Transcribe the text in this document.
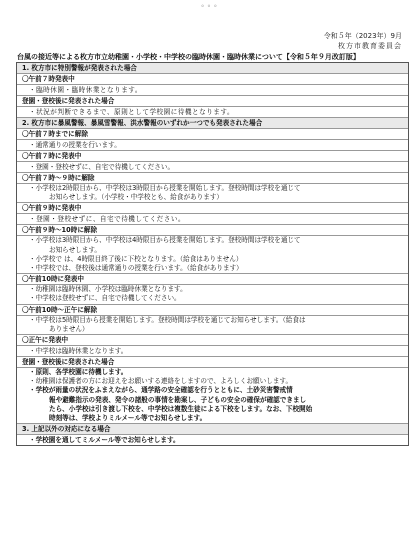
∘∘∘
令和５年（2023年）9月
枚方市教育委員会
台風の接近等による枚方市立幼稚園・小学校・中学校の臨時休園・臨時休業について【令和５年９月改訂版】
1. 枚方市に特別警報が発表された場合
〇午前７時発表中
・臨時休園・臨時休業となります。
登園・登校後に発表された場合
・状況が判断できるまで、原則として学校園に待機となります。
2. 枚方市に暴風警報、暴風雪警報、洪水警報のいずれか一つでも発表された場合
〇午前７時までに解除
・通常通りの授業を行います。
〇午前７時に発表中
・登園・登校せずに、自宅で待機してください。
〇午前７時～９時に解除
・小学校は2時限目から、中学校は3時限目から授業を開始します。登校時間は学校を通じて
お知らせします。（小学校・中学校とも、給食があります）
〇午前９時に発表中
・登園・登校せずに、自宅で待機してください。
〇午前９時～10時に解除
・小学校は3時限目から、中学校は4時限目から授業を開始します。登校時間は学校を通じて
お知らせします。
・小学校で は、4時限目終了後に下校となります。（給食はありません）
・中学校では、登校後は通常通りの授業を行います。（給食があります）
〇午前10時に発表中
・幼稚園は臨時休園、小学校は臨時休業となります。
・中学校は登校せずに、自宅で待機してください。
〇午前10時～正午に解除
・中学校は5時限目から授業を開始します。登校時間は学校を通じてお知らせします。（給食は
ありません）
〇正午に発表中
・中学校は臨時休業となります。
登園・登校後に発表された場合
・原則、各学校園に待機します。
・幼稚園は保護者の方にお迎えをお願いする連絡をしますので、よろしくお願いします。
・学校が雨量の状況をふまえながら、通学路の安全確認を行うとともに、土砂災害警戒情
報や避難指示の発表、発令の諸般の事情を勘案し、子どもの安全の確保が確認できまし
たら、小学校は引き渡し下校を、中学校は複数生徒による下校をします。なお、下校開始
時刻等は、学校よりミルメール等でお知らせします。
3. 上記以外の対応になる場合
・学校園を通してミルメール等でお知らせします。
